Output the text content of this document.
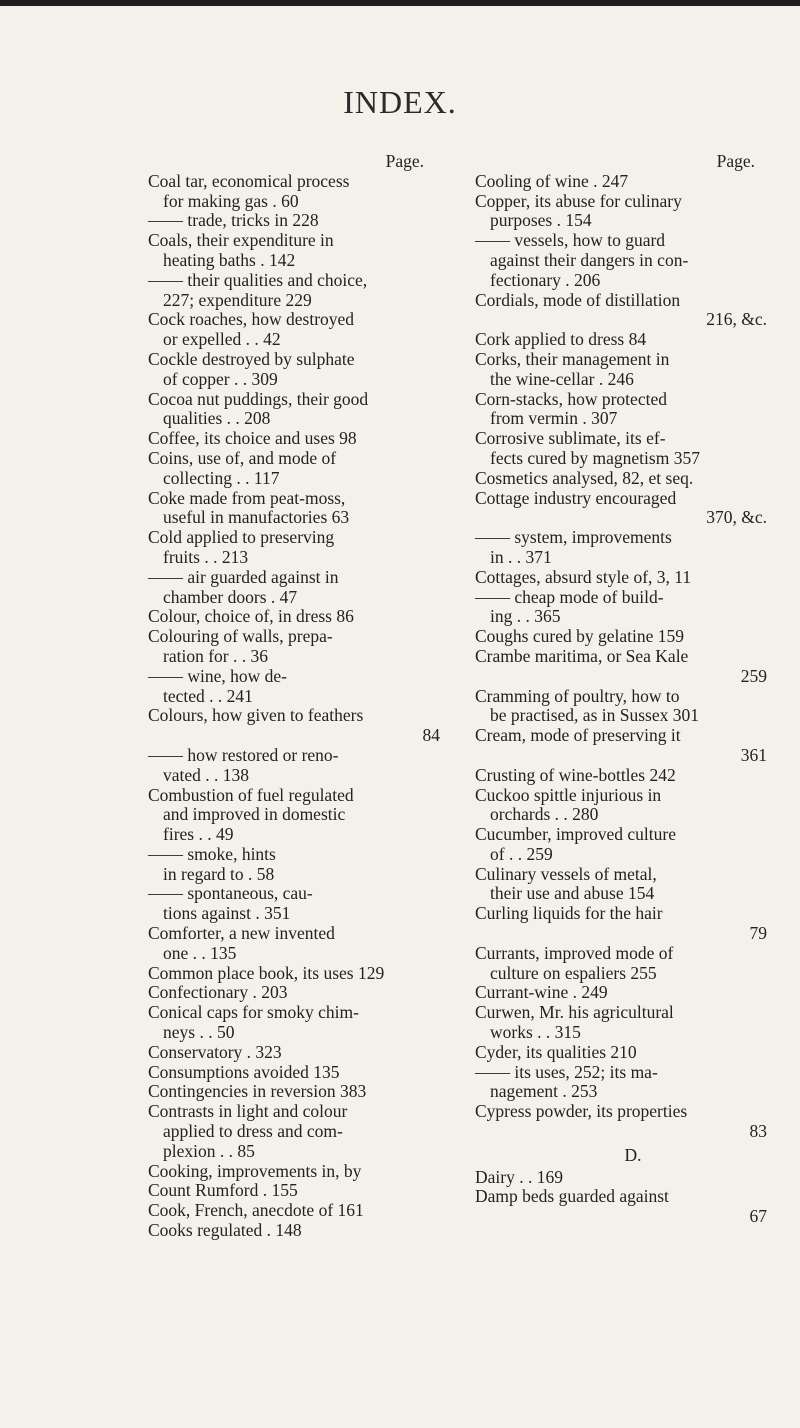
INDEX.
Page.
Coal tar, economical process
for making gas . 60
—— trade, tricks in 228
Coals, their expenditure in
heating baths . 142
—— their qualities and choice,
227; expenditure 229
Cock roaches, how destroyed
or expelled . . 42
Cockle destroyed by sulphate
of copper . . 309
Cocoa nut puddings, their good
qualities . . 208
Coffee, its choice and uses 98
Coins, use of, and mode of
collecting . . 117
Coke made from peat-moss,
useful in manufactories 63
Cold applied to preserving
fruits . . 213
—— air guarded against in
chamber doors . 47
Colour, choice of, in dress 86
Colouring of walls, prepa-
ration for . . 36
—— wine, how de-
tected . . 241
Colours, how given to feathers
84
—— how restored or reno-
vated . . 138
Combustion of fuel regulated
and improved in domestic
fires . . 49
—— smoke, hints
in regard to . 58
—— spontaneous, cau-
tions against . 351
Comforter, a new invented
one . . 135
Common place book, its uses 129
Confectionary . 203
Conical caps for smoky chim-
neys . . 50
Conservatory . 323
Consumptions avoided 135
Contingencies in reversion 383
Contrasts in light and colour
applied to dress and com-
plexion . . 85
Cooking, improvements in, by
Count Rumford . 155
Cook, French, anecdote of 161
Cooks regulated . 148
Page.
Cooling of wine . 247
Copper, its abuse for culinary
purposes . 154
—— vessels, how to guard
against their dangers in con-
fectionary . 206
Cordials, mode of distillation
216, &c.
Cork applied to dress 84
Corks, their management in
the wine-cellar . 246
Corn-stacks, how protected
from vermin . 307
Corrosive sublimate, its ef-
fects cured by magnetism 357
Cosmetics analysed, 82, et seq.
Cottage industry encouraged
370, &c.
—— system, improvements
in . . 371
Cottages, absurd style of, 3, 11
—— cheap mode of build-
ing . . 365
Coughs cured by gelatine 159
Crambe maritima, or Sea Kale
259
Cramming of poultry, how to
be practised, as in Sussex 301
Cream, mode of preserving it
361
Crusting of wine-bottles 242
Cuckoo spittle injurious in
orchards . . 280
Cucumber, improved culture
of . . 259
Culinary vessels of metal,
their use and abuse 154
Curling liquids for the hair
79
Currants, improved mode of
culture on espaliers 255
Currant-wine . 249
Curwen, Mr. his agricultural
works . . 315
Cyder, its qualities 210
—— its uses, 252; its ma-
nagement . 253
Cypress powder, its properties
83
D.
Dairy . . 169
Damp beds guarded against
67
